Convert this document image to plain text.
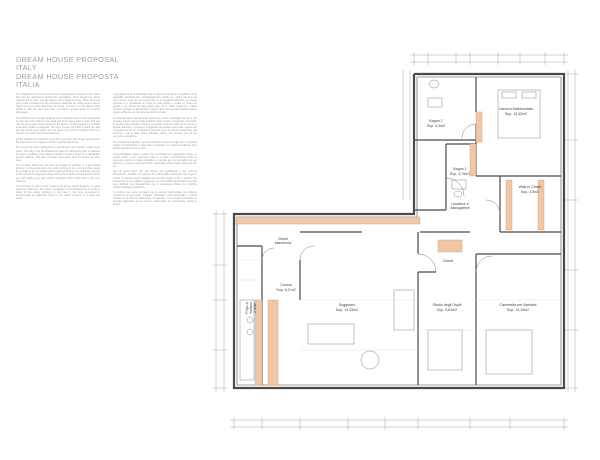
DREAM HOUSE PROPOSAL
ITALY
DREAM HOUSE PROPOSTA
ITALIA

The proposal tries to meet all the clients requirements in balance of the space that with the apartment's architecture possibilities. Even though the clients wanted both an open concept kitchen and a balanced living, dining and living room it was considered for the proposal to assemble the dining area to have a bigger and more direct flow living the house. It is now cozy the clients might decide to take the open room then. It could be enough space for a formal dining area.

The kitchen's open concept proposal can be achieved also it could be possible to move the entire kitchen in the back side of the space and its limits. This way one can get a much cleaner space for the kitchen. In this proposal it is included a two-door modern refrigerator. This type of large two-FDIA of width are also and the clients would prefer only two doors, one of them modules could be a "freezer" for further uses and assessment.

On the corridor the proposal is to use the long wall so lots storage space and at the main door a cozy space to sit when coming back home.

The area of the current bathrooms is extended up to the corridor in order to get space. This way it can be achieved the idea of 2 bathrooms, then considering the space conditions of the latest proposal to create a closet for a changeable laundry machine. This way it can also save space from the kitchen for other uses.

One of these bathrooms will have an elevator to ventilate or to get natural lighting. It is proposed that in the model nothing on the room and there would be a height to get an opaque (floor-height) window for the swimming. Next up to the ceiling it is suggested a false ceiling where all the relevant area would be use with lighting and also normal ventilation which could flow to the next bathroom.

It is proposed in order to have a walk-in-box for the master bedroom, to match maximum width floor. The current "Ampiaggio" of a transitional one is a walk-in closet for the master bedroom, in any case, it has been considered to accommodate an additional closet for the master bedroom to a good size closet.

La proposta cerca di soddisfare tutte le esigenze del cliente in equilibrio con le possibilita architettoniche dell'appartamento. Anche se i clienti volevano sia una cucina a vista che una zona pranzo e un soggiorno bilanciati, per questa proposta si e considerato di riunire la zona pranzo e creare un flusso piu grande e piu diretto nel living della casa. Se lo ritiene opportuno, i clienti potranno decidere di apprezzare lo spazio della zona aperta, potrebbe esserci spazio sufficiente per una zona da pranzo formale.

La proposta open concept della cucina puo essere realizzata solo se si puo spostare tutta la cucina al lato posteriore dello spazio e rispettando i suoi limiti. In questo modo possiamo ottenere uno spazio molto piu pulito per la cucina. In questa proposta e compreso un frigorifero da incasso a due ante. Questo tipo di frigoriferi da 60 cm di larghezza possono avere un cliente preferirebbe una soluzione, una di quali moduli potrebbe essere uno "freezer" per gli usi, secondo e valutazione.

Nel corridoio la proposta e quella di utilizzare la parete lunga come un grande spazio di archiviazione e alla porta di ingresso uno spazio accogliente dove sedersi quando si torna a casa.

L'area dell'attuale bagno e estesa fino al corridoio per guadagnare spazio. In questo modo si puo realizzare l'idea di 2 bagni. Considerando anche le premesse dei lavori e della proposta si e pensato per uno ripostiglio con una lavatrice. In questo modo puo anche risparmiare spazio della cucina per altri usi.

Uno di questi bagni non puo fornire una ventilazione o per ottenere illuminazione naturale. Si propone che nell'ampliato rifacimento del bagno a 215cm di altezza venga installata una finestra opaca (a filo a soffitto). Nei contorni fino fino al soffitto si suggerisce un controsoffitto aperto/della zona che sara utilizzata con l'illuminazione che la ventilazione finisce che potrebbe defluire nel bagno successivo.

Si propone per avere un bagno per la camera matrimoniale, per sfruttare l'ampiezza del pavimento. L'attuale "ripostiglio" verra trasformato in cabina armadio per la camera matrimoniale. In ogni caso, si e pensato di sistemare un armadio aggiuntivo per la camera matrimoniale per accomodare anche le scarpe.

Bagno 2
Sup. 4,3m2
Camera Matrimoniale
Sup. 13,42m2
Bagno 1
Sup. 3,79m2
Lavatrice e
Asciugatrice
Walk in Closet
Sup. 4,5m2
Closet
biancheria
Frigo a incasso 2 ante
Cucina
Sup. 6,3 m2
Soggiorno
Sup. 14,33m2
Studio degli Ospiti
Sup. 9,81m2
Cameretta per Bambini
Sup. 13,19m2
Closet
